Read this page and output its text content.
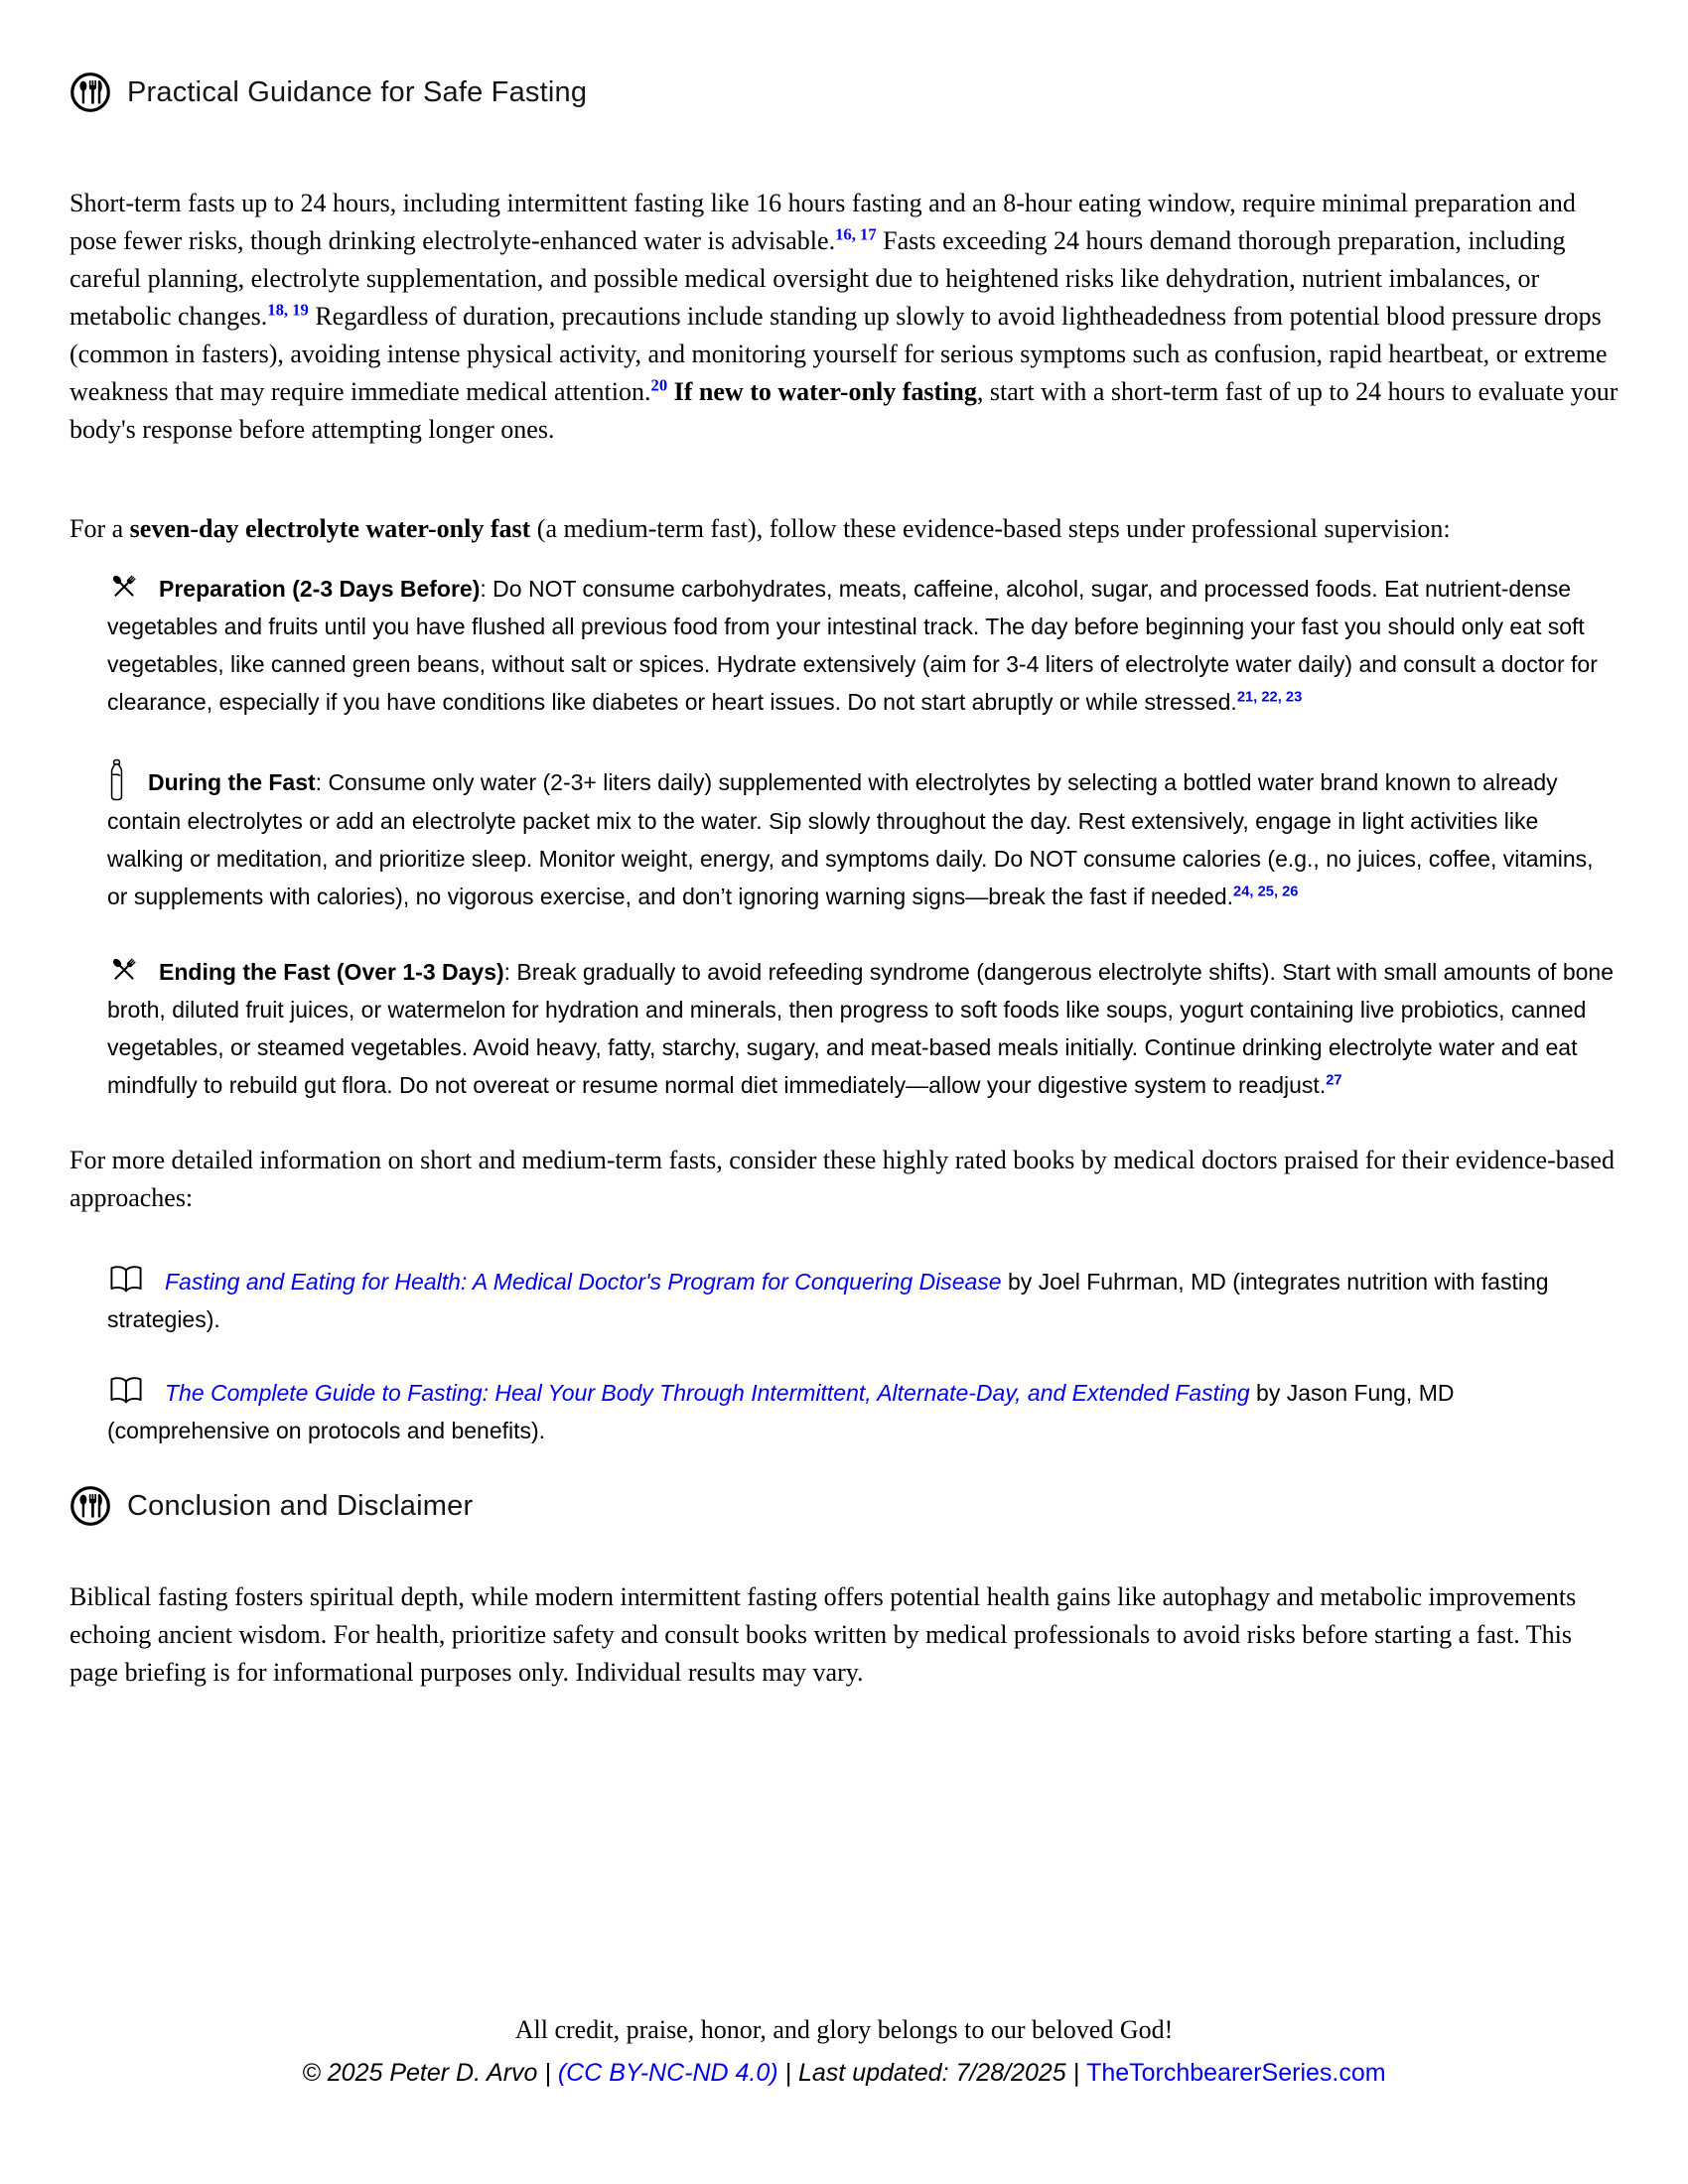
Practical Guidance for Safe Fasting

Short-term fasts up to 24 hours, including intermittent fasting like 16 hours fasting and an 8-hour eating window, require minimal preparation and pose fewer risks, though drinking electrolyte-enhanced water is advisable.$^{16, 17}$ Fasts exceeding 24 hours demand thorough preparation, including careful planning, electrolyte supplementation, and possible medical oversight due to heightened risks like dehydration, nutrient imbalances, or metabolic changes.$^{18, 19}$ Regardless of duration, precautions include standing up slowly to avoid lightheadedness from potential blood pressure drops (common in fasters), avoiding intense physical activity, and monitoring yourself for serious symptoms such as confusion, rapid heartbeat, or extreme weakness that may require immediate medical attention.$^{20}$ If new to water-only fasting, start with a short-term fast of up to 24 hours to evaluate your body's response before attempting longer ones.

For a seven-day electrolyte water-only fast (a medium-term fast), follow these evidence-based steps under professional supervision:

Preparation (2-3 Days Before): Do NOT consume carbohydrates, meats, caffeine, alcohol, sugar, and processed foods. Eat nutrient-dense vegetables and fruits until you have flushed all previous food from your intestinal track. The day before beginning your fast you should only eat soft vegetables, like canned green beans, without salt or spices. Hydrate extensively (aim for 3-4 liters of electrolyte water daily) and consult a doctor for clearance, especially if you have conditions like diabetes or heart issues. Do not start abruptly or while stressed.$^{21, 22, 23}$

During the Fast: Consume only water (2-3+ liters daily) supplemented with electrolytes by selecting a bottled water brand known to already contain electrolytes or add an electrolyte packet mix to the water. Sip slowly throughout the day. Rest extensively, engage in light activities like walking or meditation, and prioritize sleep. Monitor weight, energy, and symptoms daily. Do NOT consume calories (e.g., no juices, coffee, vitamins, or supplements with calories), no vigorous exercise, and don’t ignoring warning signs—break the fast if needed.$^{24, 25, 26}$

Ending the Fast (Over 1-3 Days): Break gradually to avoid refeeding syndrome (dangerous electrolyte shifts). Start with small amounts of bone broth, diluted fruit juices, or watermelon for hydration and minerals, then progress to soft foods like soups, yogurt containing live probiotics, canned vegetables, or steamed vegetables. Avoid heavy, fatty, starchy, sugary, and meat-based meals initially. Continue drinking electrolyte water and eat mindfully to rebuild gut flora. Do not overeat or resume normal diet immediately—allow your digestive system to readjust.$^{27}$

For more detailed information on short and medium-term fasts, consider these highly rated books by medical doctors praised for their evidence-based approaches:

Fasting and Eating for Health: A Medical Doctor's Program for Conquering Disease by Joel Fuhrman, MD (integrates nutrition with fasting strategies).

The Complete Guide to Fasting: Heal Your Body Through Intermittent, Alternate-Day, and Extended Fasting by Jason Fung, MD (comprehensive on protocols and benefits).

Conclusion and Disclaimer

Biblical fasting fosters spiritual depth, while modern intermittent fasting offers potential health gains like autophagy and metabolic improvements echoing ancient wisdom. For health, prioritize safety and consult books written by medical professionals to avoid risks before starting a fast. This page briefing is for informational purposes only. Individual results may vary.

All credit, praise, honor, and glory belongs to our beloved God!

© 2025 Peter D. Arvo | (CC BY-NC-ND 4.0) | Last updated: 7/28/2025 | TheTorchbearerSeries.com
